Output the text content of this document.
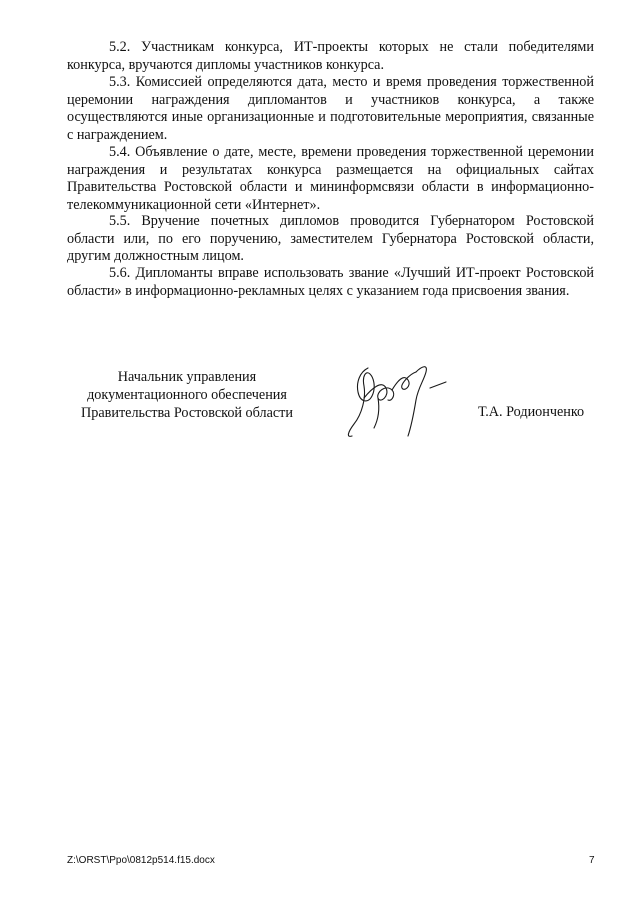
5.2. Участникам конкурса, ИТ-проекты которых не стали победителями конкурса, вручаются дипломы участников конкурса.

5.3. Комиссией определяются дата, место и время проведения торжественной церемонии награждения дипломантов и участников конкурса, а также осуществляются иные организационные и подготовительные мероприятия, связанные с награждением.

5.4. Объявление о дате, месте, времени проведения торжественной церемонии награждения и результатах конкурса размещается на официальных сайтах Правительства Ростовской области и мининформсвязи области в информационно-телекоммуникационной сети «Интернет».

5.5. Вручение почетных дипломов проводится Губернатором Ростовской области или, по его поручению, заместителем Губернатора Ростовской области, другим должностным лицом.

5.6. Дипломанты вправе использовать звание «Лучший ИТ-проект Ростовской области» в информационно-рекламных целях с указанием года присвоения звания.

Начальник управления
документационного обеспечения
Правительства Ростовской области	Т.А. Родионченко
Z:\ORST\Ppo\0812p514.f15.docx	7
